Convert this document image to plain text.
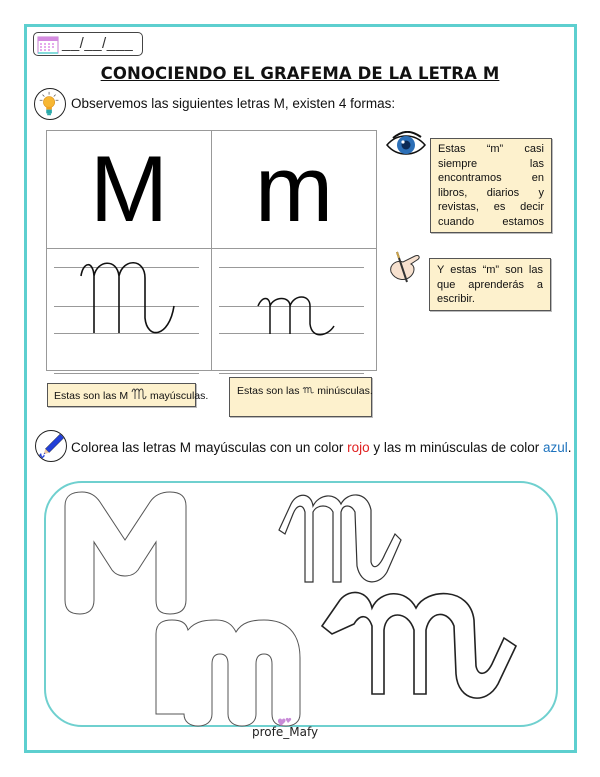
__/__/___
CONOCIENDO EL GRAFEMA DE LA LETRA M
Observemos las siguientes letras M, existen 4 formas:
M m	Estas “m” casi
siempre las
encontramos en
libros, diarios y
revistas, es decir
cuando estamos
Y estas “m” son las
que aprenderás a
escribir.
Estas son las M  mayúsculas.	Estas son las  minúsculas.
Colorea las letras M mayúsculas con un color rojo y las m minúsculas de color azul.
profe_Mafy
